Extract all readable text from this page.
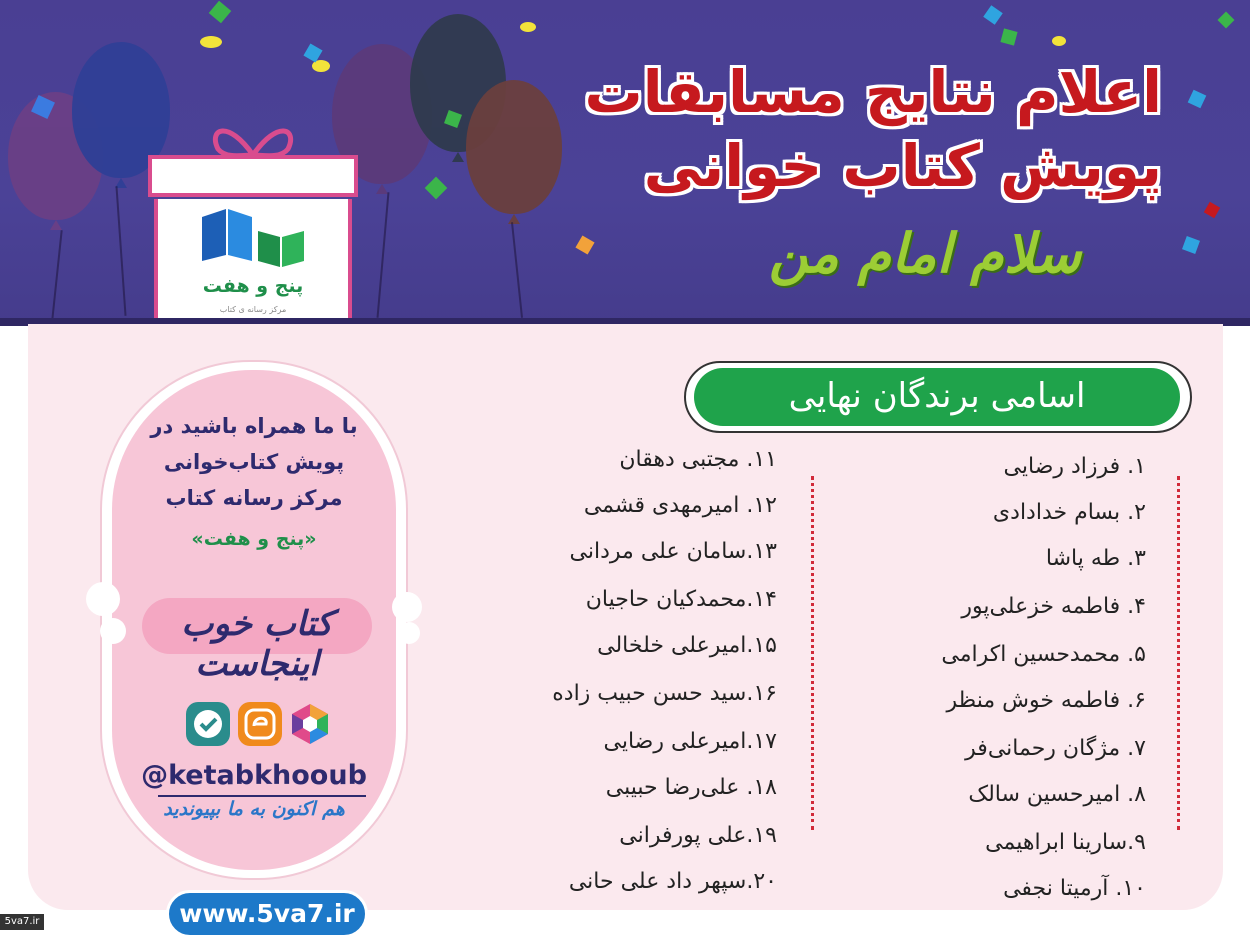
پنج و هفت
مرکز رسانه ی کتاب
اعلام نتایج مسابقات
پویش کتاب خوانی
سلام امام من
اسامی برندگان نهایی
۱. فرزاد رضایی
۲. بسام خدادادی
۳. طه پاشا
۴. فاطمه خزعلی‌پور
۵. محمدحسین اکرامی
۶. فاطمه خوش منظر
۷. مژگان رحمانی‌فر
۸. امیرحسین سالک
۹.سارینا ابراهیمی
۱۰. آرمیتا نجفی
۱۱. مجتبی دهقان
۱۲. امیرمهدی قشمی
۱۳.سامان علی مردانی
۱۴.محمدکیان حاجیان
۱۵.امیرعلی خلخالی
۱۶.سید حسن حبیب زاده
۱۷.امیرعلی رضایی
۱۸. علی‌رضا حبیبی
۱۹.علی پورفرانی
۲۰.سپهر داد علی حانی
با ما همراه باشید در
پویش کتاب‌خوانی
مرکز رسانه کتاب
«پنج و هفت»
کتاب خوب اینجاست
@ketabkhooub
هم اکنون به ما بپیوندید
www.5va7.ir
5va7.ir
